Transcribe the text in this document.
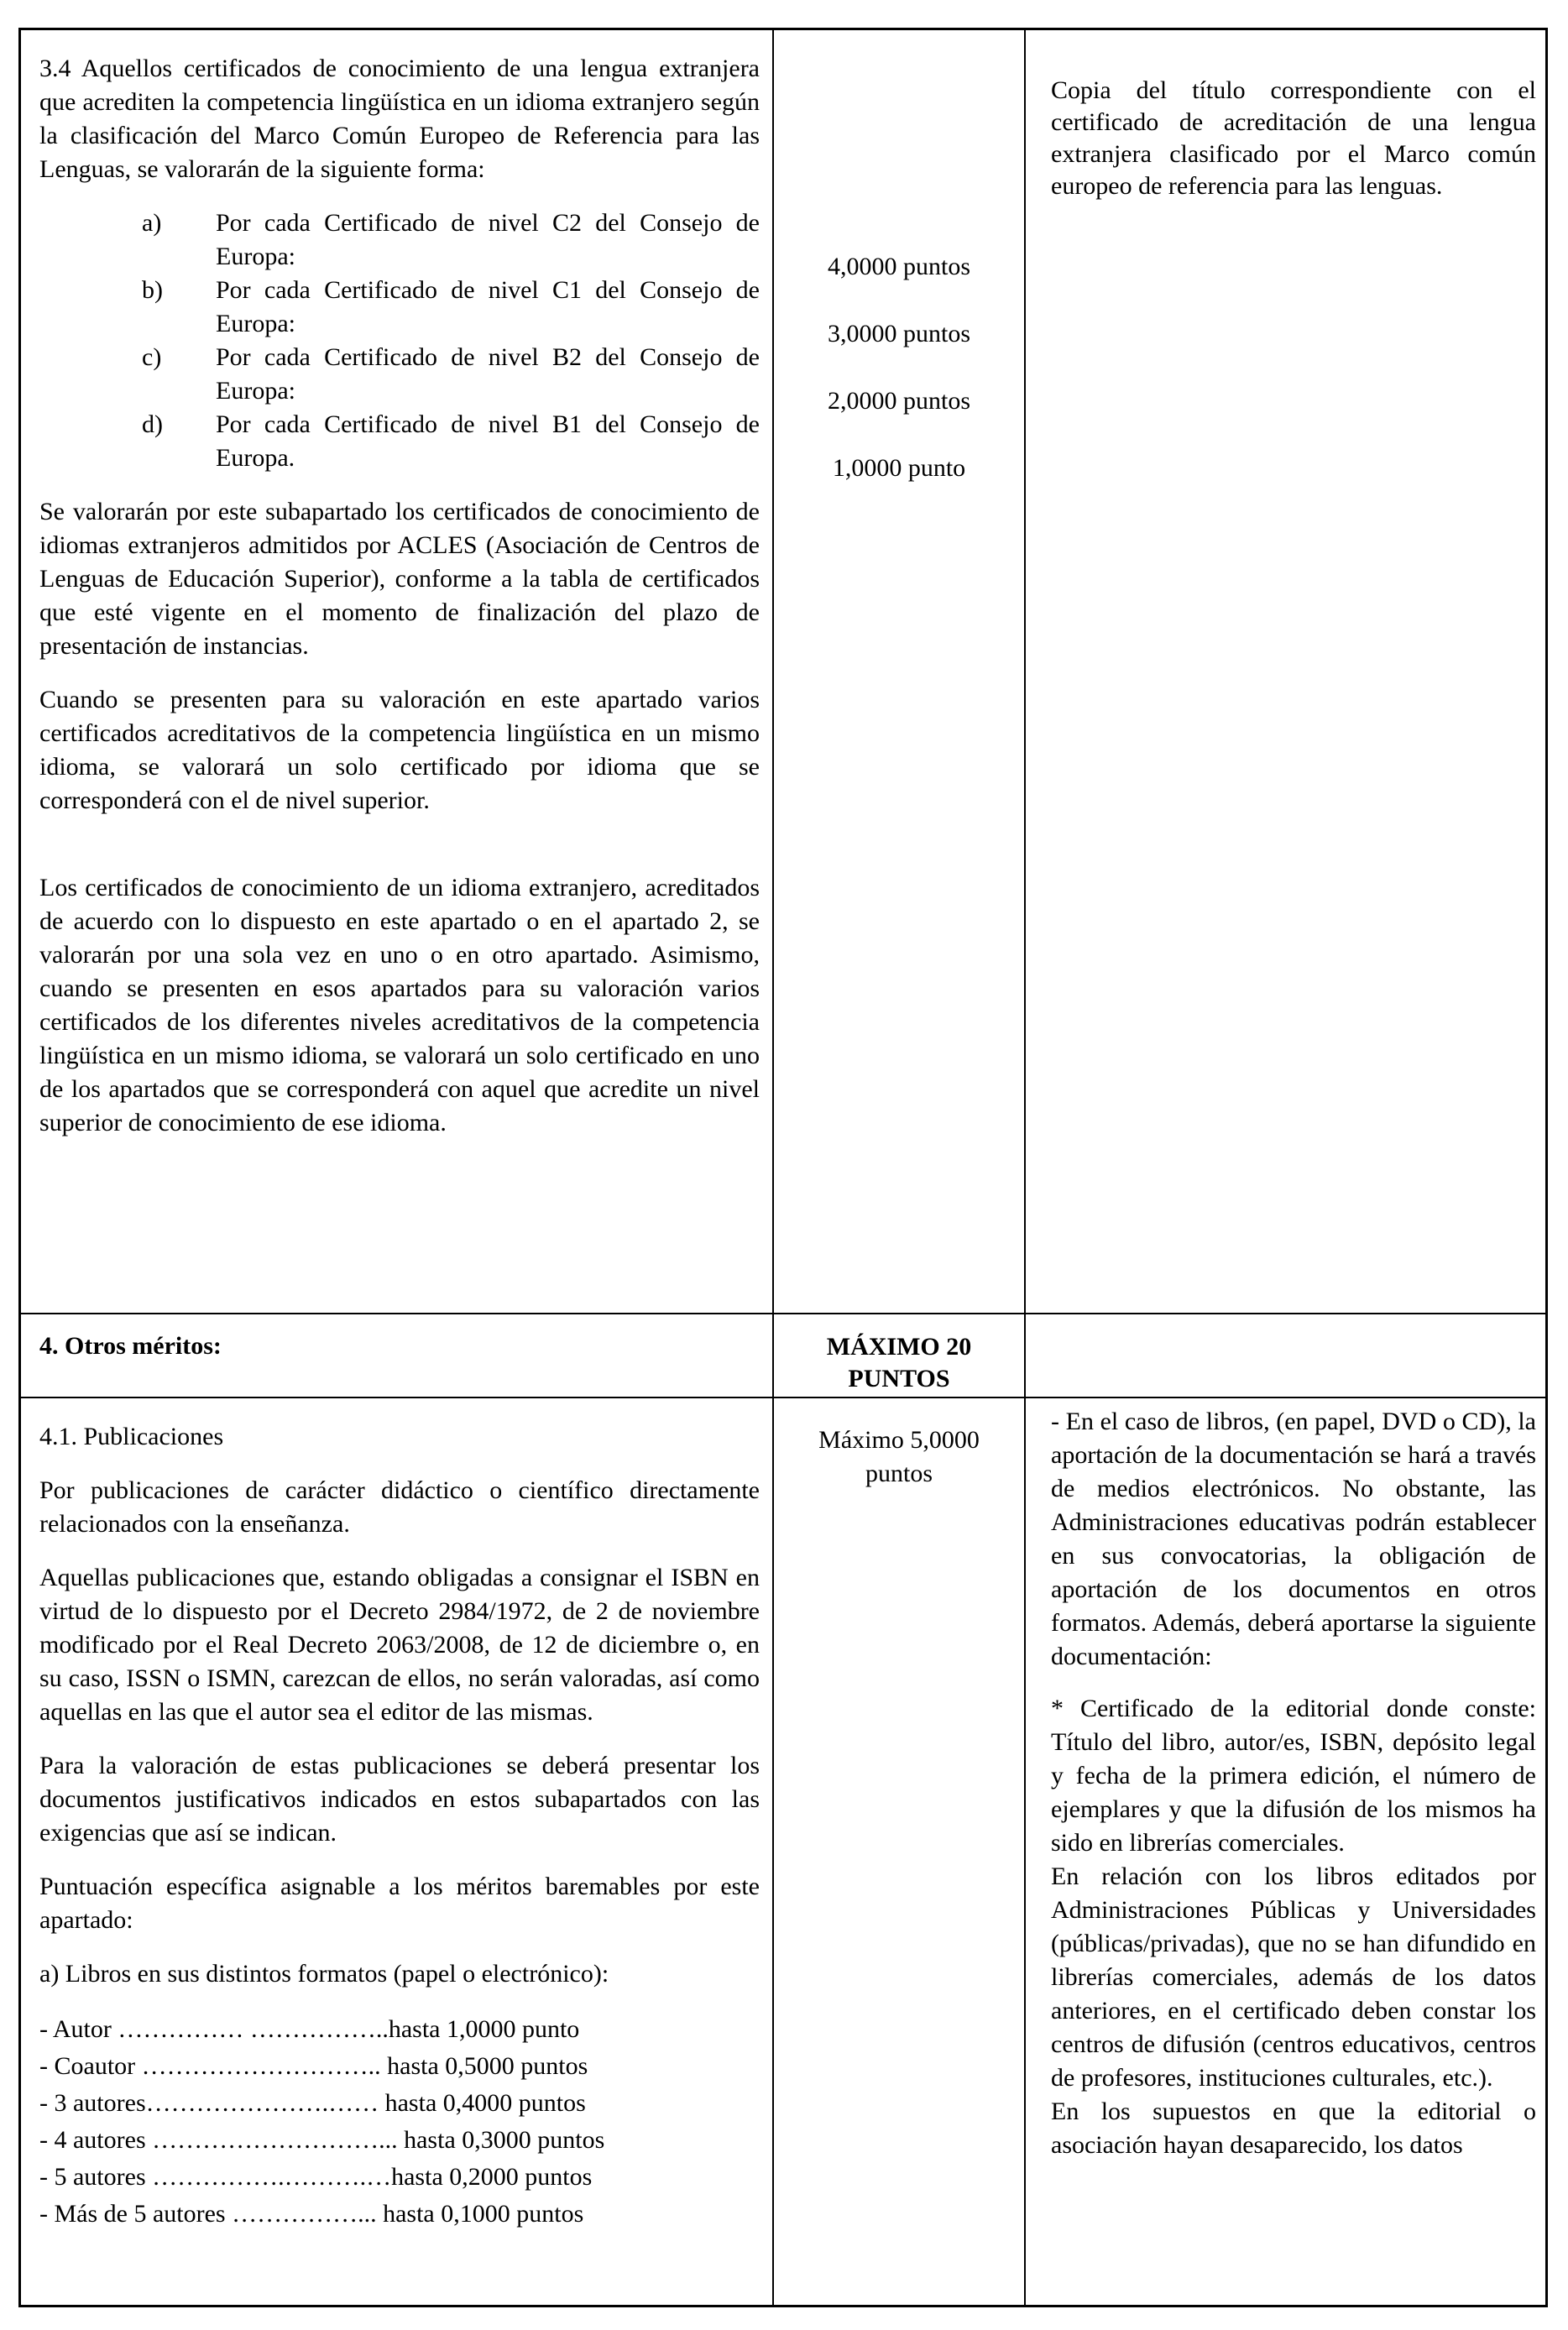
3.4 Aquellos certificados de conocimiento de una lengua extranjera que acrediten la competencia lingüística en un idioma extranjero según la clasificación del Marco Común Europeo de Referencia para las Lenguas, se valorarán de la siguiente forma:

a) Por cada Certificado de nivel C2 del Consejo de Europa:
b) Por cada Certificado de nivel C1 del Consejo de Europa:
c) Por cada Certificado de nivel B2 del Consejo de Europa:
d) Por cada Certificado de nivel B1 del Consejo de Europa.

Se valorarán por este subapartado los certificados de conocimiento de idiomas extranjeros admitidos por ACLES (Asociación de Centros de Lenguas de Educación Superior), conforme a la tabla de certificados que esté vigente en el momento de finalización del plazo de presentación de instancias.

Cuando se presenten para su valoración en este apartado varios certificados acreditativos de la competencia lingüística en un mismo idioma, se valorará un solo certificado por idioma que se corresponderá con el de nivel superior.

Los certificados de conocimiento de un idioma extranjero, acreditados de acuerdo con lo dispuesto en este apartado o en el apartado 2, se valorarán por una sola vez en uno o en otro apartado. Asimismo, cuando se presenten en esos apartados para su valoración varios certificados de los diferentes niveles acreditativos de la competencia lingüística en un mismo idioma, se valorará un solo certificado en uno de los apartados que se corresponderá con aquel que acredite un nivel superior de conocimiento de ese idioma.

4,0000 puntos
3,0000 puntos
2,0000 puntos
1,0000 punto

Copia del título correspondiente con el certificado de acreditación de una lengua extranjera clasificado por el Marco común europeo de referencia para las lenguas.

4. Otros méritos:	MÁXIMO 20
PUNTOS

4.1. Publicaciones

Por publicaciones de carácter didáctico o científico directamente relacionados con la enseñanza.

Aquellas publicaciones que, estando obligadas a consignar el ISBN en virtud de lo dispuesto por el Decreto 2984/1972, de 2 de noviembre modificado por el Real Decreto 2063/2008, de 12 de diciembre o, en su caso, ISSN o ISMN, carezcan de ellos, no serán valoradas, así como aquellas en las que el autor sea el editor de las mismas.

Para la valoración de estas publicaciones se deberá presentar los documentos justificativos indicados en estos subapartados con las exigencias que así se indican.

Puntuación específica asignable a los méritos baremables por este apartado:

a) Libros en sus distintos formatos (papel o electrónico):

- Autor …………… ……………..hasta 1,0000 punto
- Coautor ……………………….. hasta 0,5000 puntos
- 3 autores………………….…… hasta 0,4000 puntos
- 4 autores ………………………... hasta 0,3000 puntos
- 5 autores …………….……….…hasta 0,2000 puntos
- Más de 5 autores ……………... hasta 0,1000 puntos
Máximo 5,0000
puntos

- En el caso de libros, (en papel, DVD o CD), la aportación de la documentación se hará a través de medios electrónicos. No obstante, las Administraciones educativas podrán establecer en sus convocatorias, la obligación de aportación de los documentos en otros formatos. Además, deberá aportarse la siguiente documentación:

* Certificado de la editorial donde conste: Título del libro, autor/es, ISBN, depósito legal y fecha de la primera edición, el número de ejemplares y que la difusión de los mismos ha sido en librerías comerciales.

En relación con los libros editados por Administraciones Públicas y Universidades (públicas/privadas), que no se han difundido en librerías comerciales, además de los datos anteriores, en el certificado deben constar los centros de difusión (centros educativos, centros de profesores, instituciones culturales, etc.).

En los supuestos en que la editorial o asociación hayan desaparecido, los datos
